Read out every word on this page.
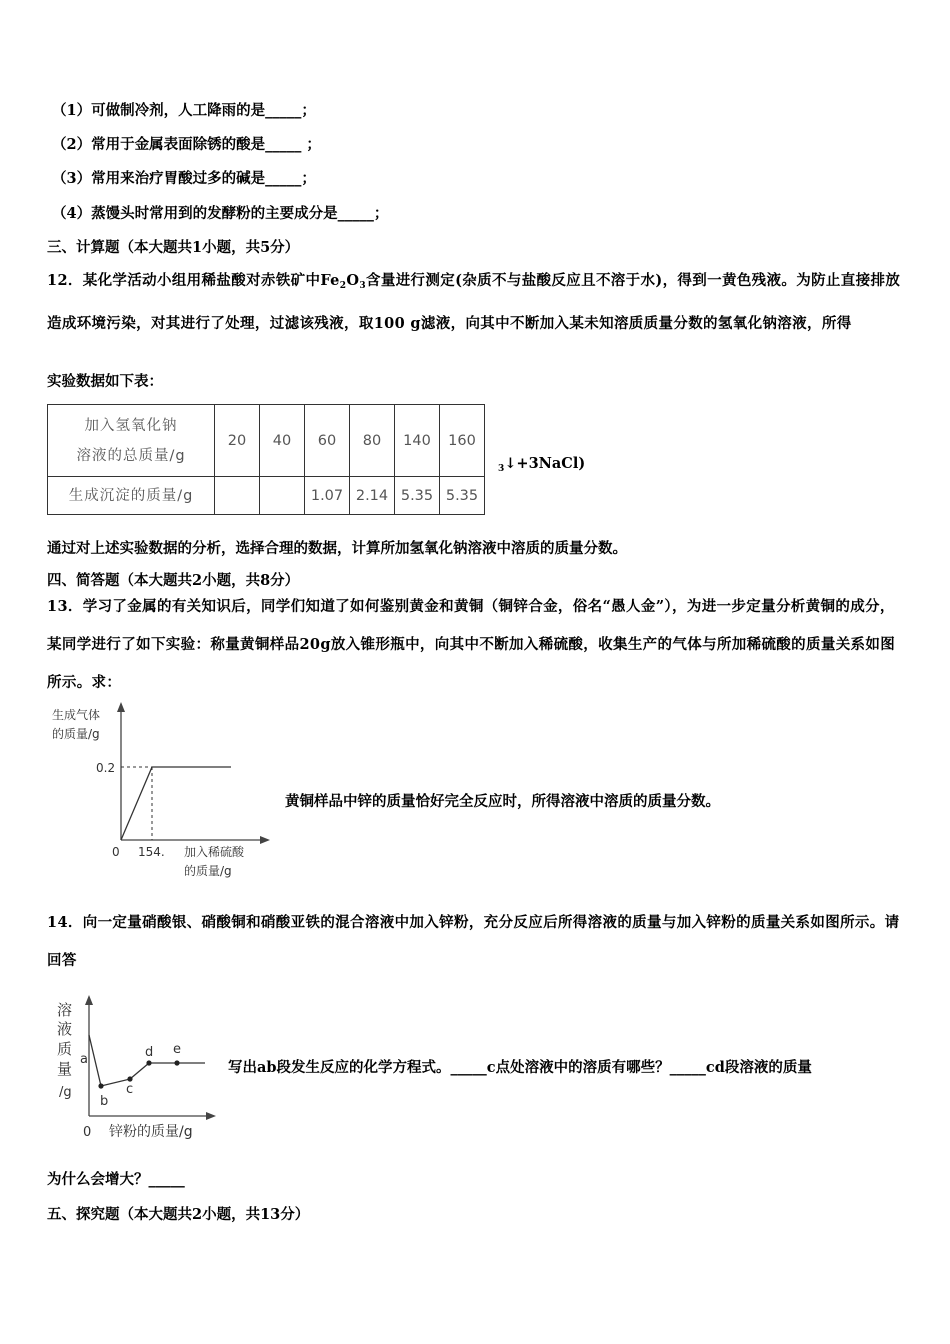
（1）可做制冷剂，人工降雨的是_____；
（2）常用于金属表面除锈的酸是_____ ；
（3）常用来治疗胃酸过多的碱是_____；
（4）蒸馒头时常用到的发酵粉的主要成分是_____；
三、计算题（本大题共1小题，共5分）
12．某化学活动小组用稀盐酸对赤铁矿中$Fe_2O_3$含量进行测定(杂质不与盐酸反应且不溶于水)，得到一黄色残液。为防止直接排放造成环境污染，对其进行了处理，过滤该残液，取100 g滤液，向其中不断加入某未知溶质质量分数的氢氧化钠溶液，所得
实验数据如下表：
加入氢氧化钠
溶液的总质量/g	20	40	60	80	140	160
生成沉淀的质量/g			1.07	2.14	5.35	5.35
$_3$↓+3NaCl)
通过对上述实验数据的分析，选择合理的数据，计算所加氢氧化钠溶液中溶质的质量分数。
四、简答题（本大题共2小题，共8分）
13．学习了金属的有关知识后，同学们知道了如何鉴别黄金和黄铜（铜锌合金，俗名“愚人金”），为进一步定量分析黄铜的成分，某同学进行了如下实验：称量黄铜样品20g放入锥形瓶中，向其中不断加入稀硫酸，收集生产的气体与所加稀硫酸的质量关系如图所示。求：
生成气体
的质量/g
0.2
0 154. 加入稀硫酸
的质量/g
黄铜样品中锌的质量恰好完全反应时，所得溶液中溶质的质量分数。
14．向一定量硝酸银、硝酸铜和硝酸亚铁的混合溶液中加入锌粉，充分反应后所得溶液的质量与加入锌粉的质量关系如图所示。请回答
溶
液
质
量
/g
a
b
c
d e
0 锌粉的质量/g
写出ab段发生反应的化学方程式。_____c点处溶液中的溶质有哪些？_____cd段溶液的质量
为什么会增大？_____
五、探究题（本大题共2小题，共13分）
